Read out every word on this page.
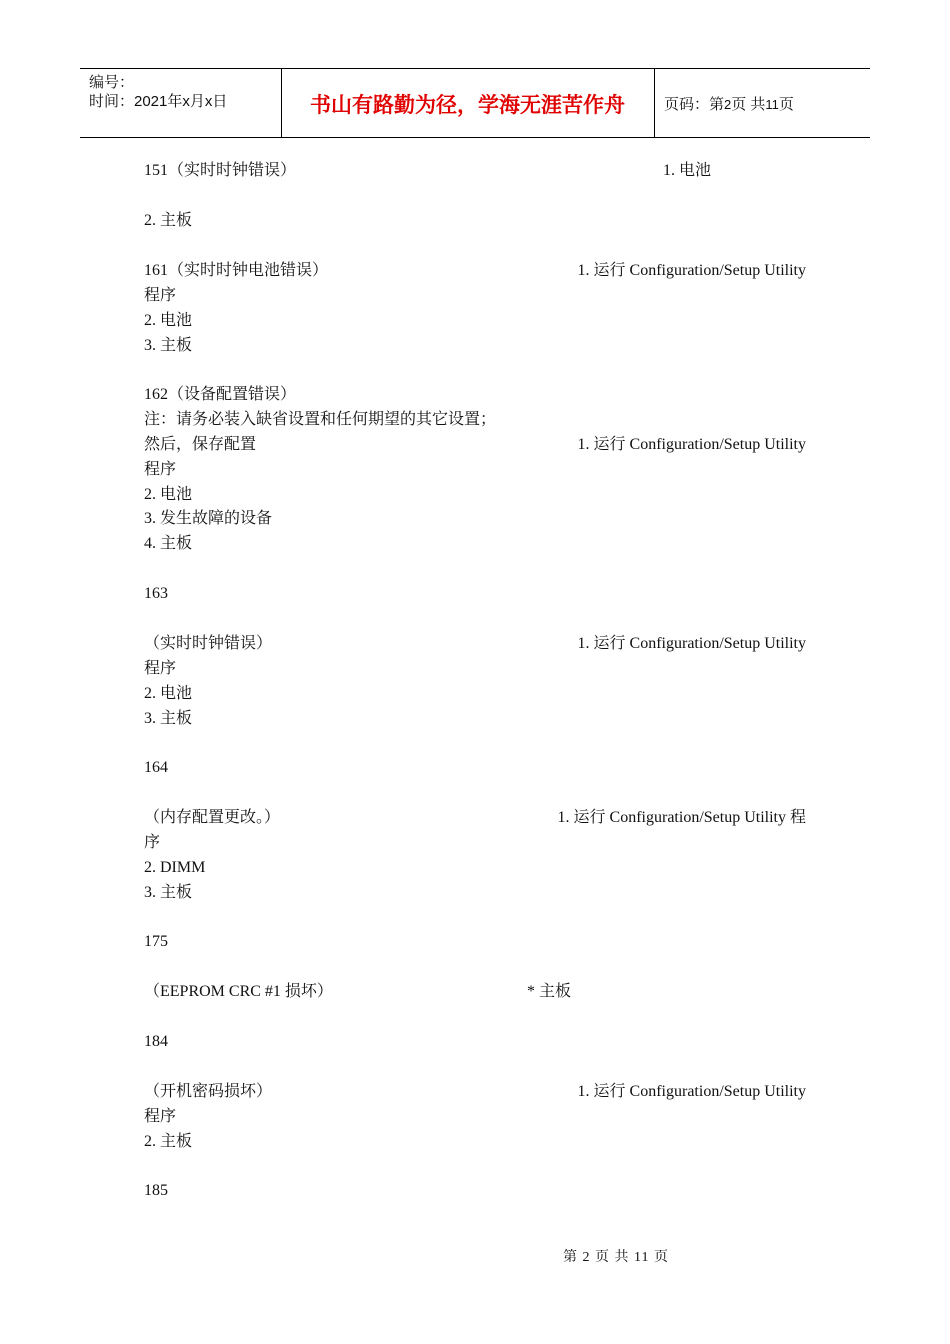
编号：
时间：2021年x月x日	书山有路勤为径，学海无涯苦作舟	页码：第2页 共11页
151（实时时钟错误）	1. 电池
2. 主板
161（实时时钟电池错误）	1. 运行 Configuration/Setup Utility
程序
2. 电池
3. 主板
162（设备配置错误）
注：请务必装入缺省设置和任何期望的其它设置；
然后，保存配置	1. 运行 Configuration/Setup Utility
程序
2. 电池
3. 发生故障的设备
4. 主板
163
（实时时钟错误）	1. 运行 Configuration/Setup Utility
程序
2. 电池
3. 主板
164
（内存配置更改。）	1. 运行 Configuration/Setup Utility 程
序
2. DIMM
3. 主板
175
（EEPROM CRC #1 损坏）	* 主板
184
（开机密码损坏）	1. 运行 Configuration/Setup Utility
程序
2. 主板
185
第 2 页 共 11 页
